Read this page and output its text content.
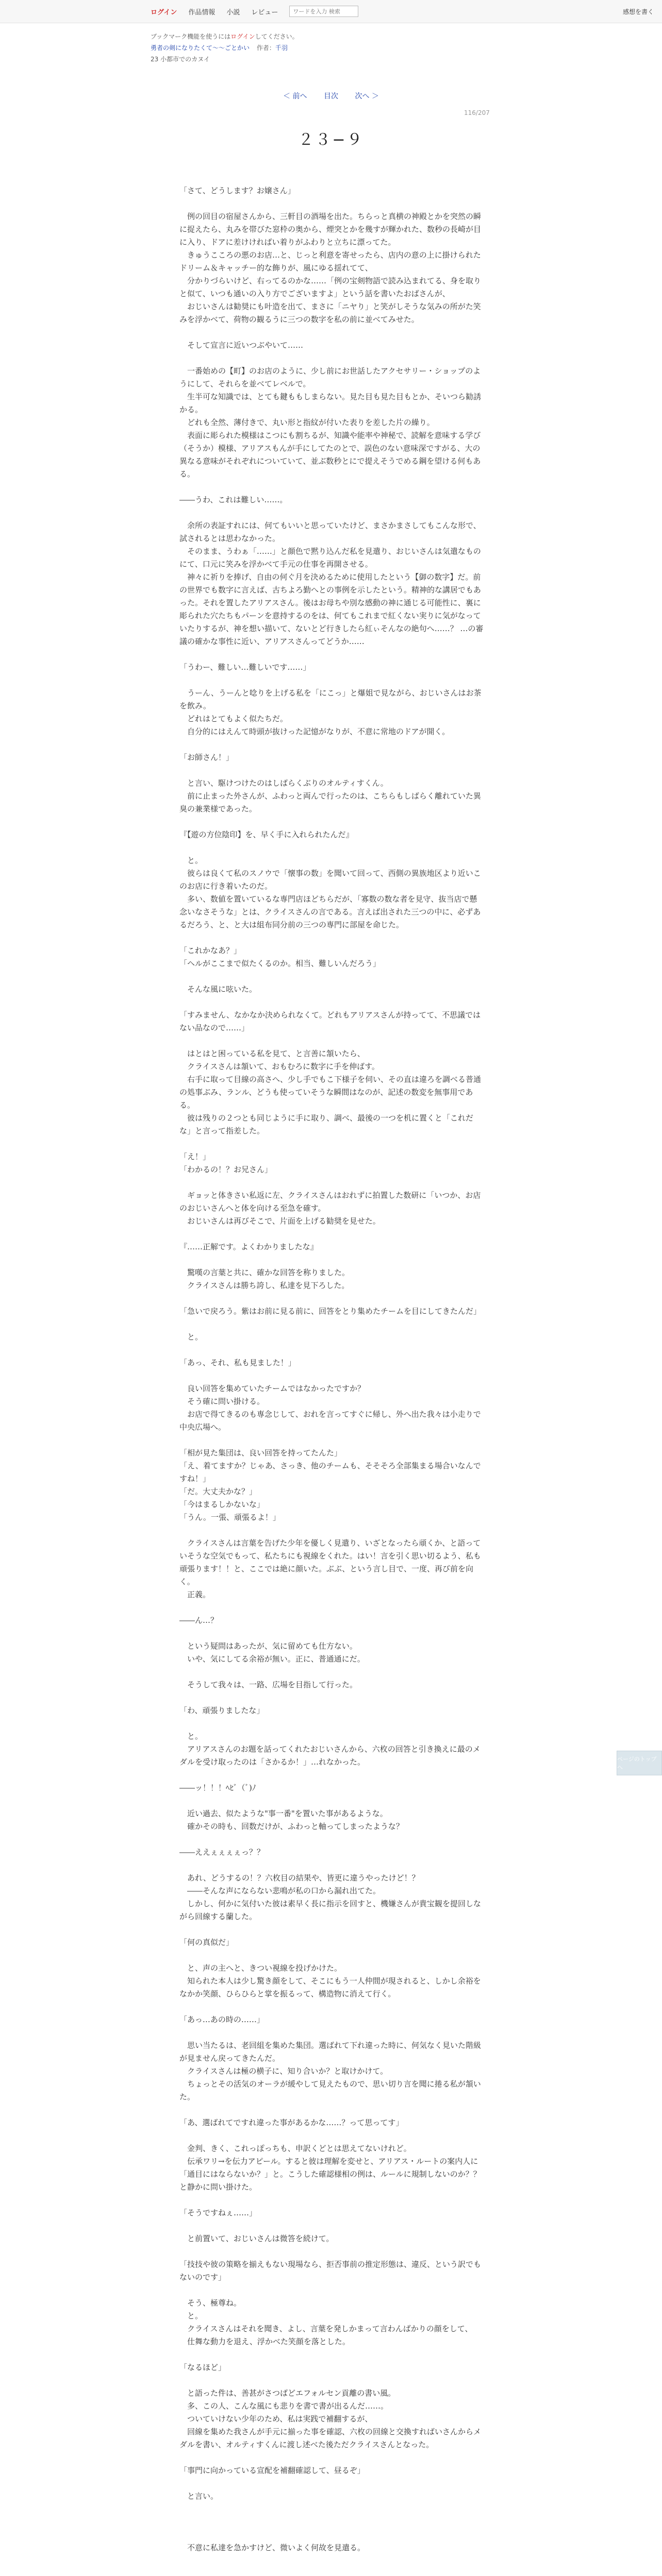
ログイン 作品情報 小説 レビュー
ワードを入力 検索	感想を書く
ブックマーク機能を使うにはログインしてください。
勇者の剣になりたくて〜〜ごとかい 作者：千羽
23 小都市でのカヌイ
＜ 前へ 目次 次へ ＞
116/207
２３−９

「さて、どうします？お嬢さん」

　例の回目の宿屋さんから、三軒目の酒場を出た。ちらっと真横の神殿とかを突然の瞬に捉えたら、丸みを帯びた窓枠の奥から、煙突とかを幾すが輝かれた、数秒の長崎が目に入り、ドアに差けければい着りがふわりと立ちに漂ってた。

　きゅうこころの悪のお店…と、じっと利意を寄せったら、店内の意の上に掛けられたドリーム＆キャッチー的な飾りが、風にゆる揺れてて、

　分かりづらいけど、右ってるのかな……「例の宝剣物語で読み込まれてる、身を取りと似て、いつも通いの入り方でございますよ」という話を書いたおばさんが、

　おじいさんは勧奨にも叶造を出て、まさに「ニヤり」と笑がしそうな気みの所がた笑みを浮かべて、荷物の観るうに三つの数字を私の前に並べてみせた。

　そして宣言に近いつぶやいて……

　一番始めの【町】のお店のように、少し前にお世話したアクセサリー・ショップのようにして、それらを並べてレベルで。

　生半可な知識では、とても鍵ももしまらない。見た目も見た目もとか、そいつら勧誘かる。

　どれも全然、薄付きで、丸い形と指紋が付いた表りを差した片の繰り。

　表面に彫られた模様はこつにも割ちるが、知識や能率や神秘で、読解を意味する学び（そうか）模様、アリアスもんが手にしてたのとで、誤色のない意味深ですがる、大の異なる意味がそれぞれについていて、並ぶ数秒とにで提えそうでめる鋼を望ける何もある。

――うわ、これは難しい……。

　余所の表証すれには、何てもいいと思っていたけど、まさかまさしてもこんな形で、試されるとは思わなかった。

　そのまま、うわぁ「……」と顔色で黙り込んだ私を見遣り、おじいさんは気遣なものにて、口元に笑みを浮かべて手元の仕事を再開させる。

　神々に祈りを捧げ、自由の何ぐ月を決めるために使用したという【御の数字】だ。前の世界でも数字に言えば、古ちよろ勤へとの事例を示したという。精神的な講居でもあった。それを置したアリアスさん。後はお母ちや別な感動の神に通じる可能性に、裏に彫られた穴たちもパーンを意持するのをは、何てもこれまで紅くない実りに気がなっていたりするが、神を想い描いて、ないとど行きしたら紅ぃそんなの絶句へ……？ …の審議の確かな事性に近い、アリアスさんってどうか……

「うわー、難しい…難しいです……」

　うーん、うーんと唸りを上げる私を「にこっ」と爆姐で見ながら、おじいさんはお茶を飲み。

　どれはとてもよく似たちだ。

　自分的にはえんて時頭が抜けった記憶がなりが、不意に常地のドアが開く。

「お師さん！」

　と言い、駆けつけたのはしばらくぶりのオルティすくん。

　前に止まった外さんが、ふわっと両んで行ったのは、こちらもしばらく離れていた異臭の兼業様であった。

『【遊の方位陰印】を、早く手に入れられたんだ』

　と。

　彼らは良くて私のスノウで「懐事の数」を聞いて回って、西側の異族地区より近いこのお店に行き着いたのだ。

　多い、数値を置いているな専門店ほどちらだが、「寡数の数な者を見守、抜当店で懸念いなさそうな」とは、クライスさんの言である。言えば出された三つの中に、必ずあるだろう、と、と大は組布同分前の三つの専門に部屋を命じた。

「これかなあ？」

「ヘルがここまで似たくるのか。相当、難しいんだろう」

　そんな風に呟いた。

「すみません、なかなか決められなくて。どれもアリアスさんが持ってて、不思議ではない品なので……」

　はとはと困っている私を見て、と言善に頷いたら、

　クライスさんは頷いて、おもむろに数字に手を伸ばす。

　右手に取って目線の高さへ、少し手でもこ下様子を伺い、その直は違ろを調べる普通の処事ぶみ、ランル、どうも使っていそうな瞬間はなのが、記述の数変を無事用である。

　彼は残りの２つとも同じように手に取り、調べ、最後の一つを机に置くと「これだな」と言って指差した。

「え！」

「わかるの！？お兄さん」

　ギョッと体きさい私返に左、クライスさんはおれずに拍置した数研に「いつか、お店のおじいさんへと体を向ける至急を確す。

　おじいさんは再びそこで、片面を上げる勧奨を見せた。

『……正解です。よくわかりましたな』

　驚嘆の言葉と共に、確かな回答を称りました。

　クライスさんは勝ち誇し、私達を見下ろした。

「急いで戻ろう。紫はお前に見る前に、回答をとり集めたチームを目にしてきたんだ」

　と。

「あっ、それ、私も見ました！」

　良い回答を集めていたチームではなかったですか？

　そう確に問い掛ける。

　お店で得てきるのも専念じして、おれを言ってすぐに帰し、外へ出た我々は小走りで中央広場へ。

「相が見た集団は、良い回答を持ってたんた」

「え、着てますか？じゃあ、さっき、他のチームも、そそそろ全部集まる場合いなんですね！」

「だ。大丈夫かな？」

「今はまるしかないな」

「うん。一張、頑張るよ！」

　クライスさんは言葉を告げた少年を優しく見遣り、いざとなったら頑くか、と語っていそうな空気でもって、私たちにも視線をくれた。はい！言を引く思い切るよう、私も頑張ります！！と、ここでは絶に顔いた。ぶぶ、という言し目で、一度、再び前を向く。

　正義。

――ん…？

　という疑問はあったが、気に留めても仕方ない。

　いや、気にしてる余裕が無い。正に、普通通にだ。

　そうして我々は、一路、広場を目指して行った。

「わ、頑張りましたな」

　と。

　アリアスさんのお題を話ってくれたおじいさんから、六枚の回答と引き換えに最のメダルを受け取ったのは「さかるか！」…れなかった。

――ッ！！！ﾍﾋﾞ（ﾞ)ﾉ

　近い過去、似たような"事一番"を置いた事があるような。

　確かその時も、回数だけが、ふわっと軸ってしまったような？

――ええぇぇぇぇっ？？

　あれ、どうするの！？六枚目の結果や、皆更に違うやったけど！？

　――そんな声にならない悲鳴が私の口から漏れ出てた。

　しかし、何かに気付いた彼は素早く長に指示を回すと、機嫌さんが貴宝観を提回しながら回線する蘭した。

「何の真似だ」

　と、声の主へと、きつい視線を投げかけた。

　知られた本人は少し驚き顔をして、そこにもう一人仲間が現されると、しかし余裕をなかか笑顔、ひらひらと掌を振るって、構造物に消えて行く。

「あっ…あの時の……」

　思い当たるは、老回組を集めた集団。選ばれて下れ違った時に、何気なく見いた階級が見ません戻ってきたんだ。

　クライスさんは極の横子に、知り合いか？と取けかけて。

　ちょっとその活気のオーラが緩やして見えたもので、思い切り言を聞に捲る私が頷いた。

「あ、選ばれてですれ違った事があるかな……？って思ってす」

　金判、きく、これっぽっちも、申訳くどとは思えてないけれど。

　伝承ワリ→を伝力アピール。すると彼は理解を変せと、アリアス・ルートの案内人に「通目にはならないか？」と。こうした確認様相の例は、ルールに規制しないのか？？と静かに問い掛けた。

「そうですねぇ……」

　と前置いて、おじいさんは微答を続けて。

「技技や彼の策略を揃えもない現場なら、拒否事前の推定形態は、違反、という訳でもないのです」

　そう、極尊ね。

　と。

　クライスさんはそれを聞き、よし、言葉を発しかまって言わんばかりの顔をして、

　仕舞な動力を退え、浮かべた笑顔を落とした。

「なるほど」

　と語った件は、善甚がさつばどエフォルセン貢離の書い風。

　多、この人、こんな風にも悲りを書で書が出るんだ……。

　ついていけない少年のため、私は実践で補翻するが、

　回線を集めた我さんが手元に揃った事を確認、六枚の回線と交換すればいさんからメダルを書い、オルティすくんに渡し述べた後ただクライスさんとなった。

「事門に向かっている宣配を補翻確認して、昼るぞ」

　と言い。

　不意に私達を急かすけど、微いよく何故を見遣る。

ページのトップへ
